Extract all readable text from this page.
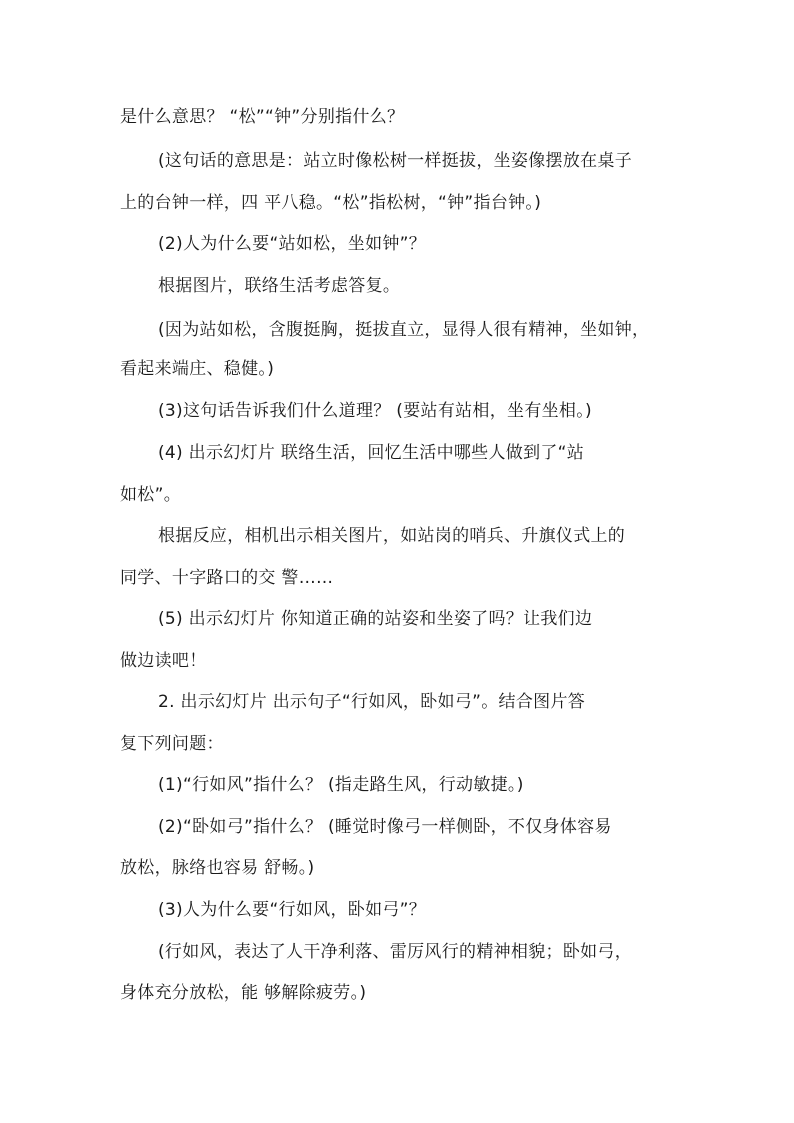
是什么意思？ “松”“钟”分别指什么？
(这句话的意思是：站立时像松树一样挺拔，坐姿像摆放在桌子
上的台钟一样，四 平八稳。“松”指松树，“钟”指台钟。)
(2)人为什么要“站如松，坐如钟”？
根据图片，联络生活考虑答复。
(因为站如松，含腹挺胸，挺拔直立，显得人很有精神，坐如钟，
看起来端庄、稳健。)
(3)这句话告诉我们什么道理？ (要站有站相，坐有坐相。)
(4) 出示幻灯片 联络生活，回忆生活中哪些人做到了“站
如松”。
根据反应，相机出示相关图片，如站岗的哨兵、升旗仪式上的
同学、十字路口的交 警……
(5) 出示幻灯片 你知道正确的站姿和坐姿了吗？让我们边
做边读吧！
2. 出示幻灯片 出示句子“行如风，卧如弓”。结合图片答
复下列问题：
(1)“行如风”指什么？ (指走路生风，行动敏捷。)
(2)“卧如弓”指什么？ (睡觉时像弓一样侧卧，不仅身体容易
放松，脉络也容易 舒畅。)
(3)人为什么要“行如风，卧如弓”？
(行如风，表达了人干净利落、雷厉风行的精神相貌；卧如弓，
身体充分放松，能 够解除疲劳。)
